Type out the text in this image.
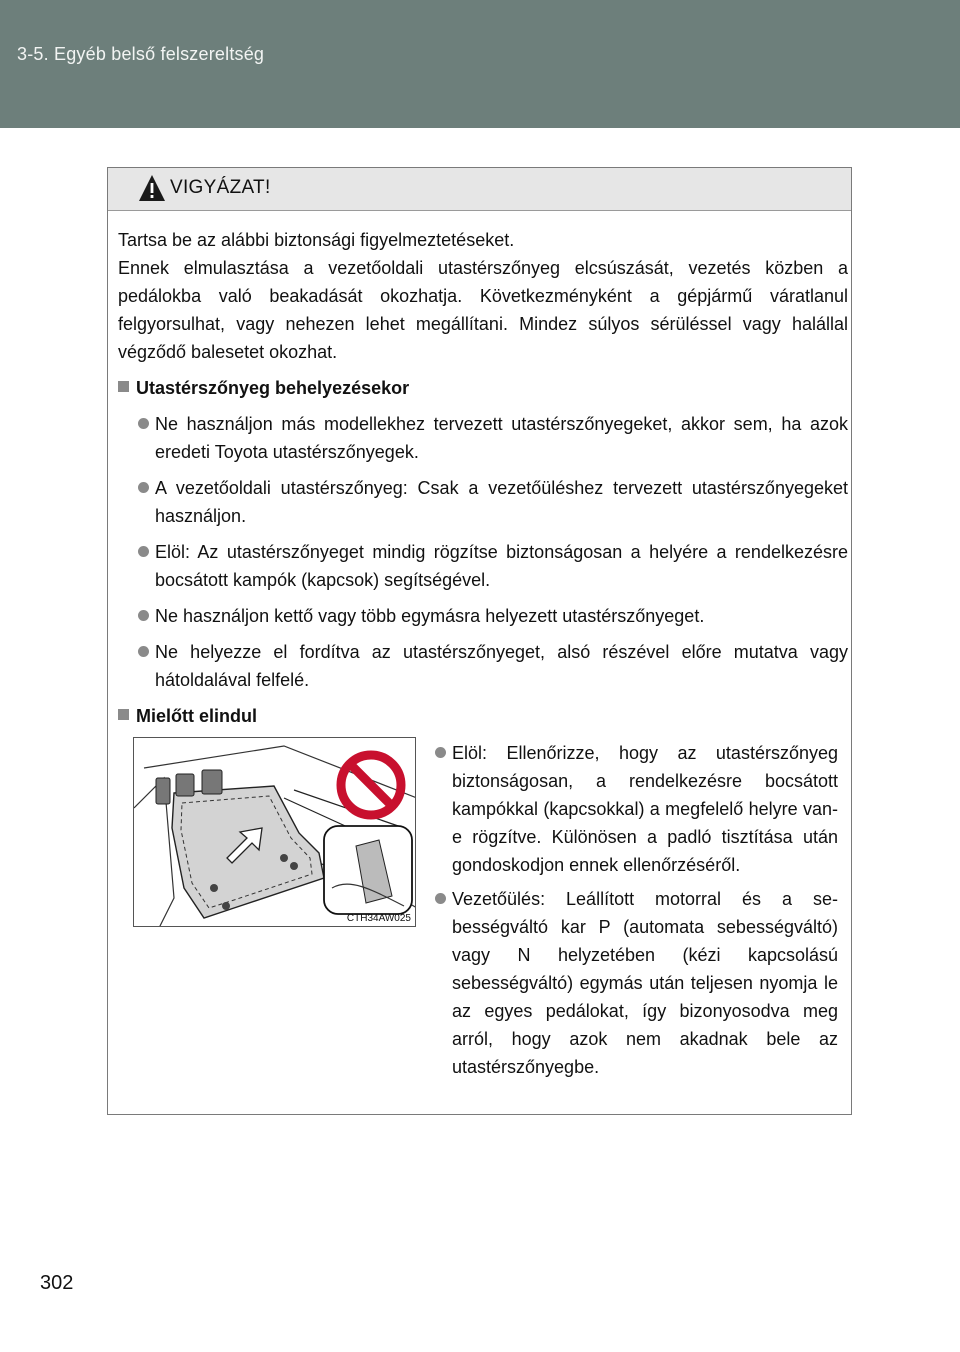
3-5. Egyéb belső felszereltség
VIGYÁZAT!

Tartsa be az alábbi biztonsági figyelmeztetéseket.

Ennek elmulasztása a vezetőoldali utastérszőnyeg elcsúszását, vezetés közben a pedálokba való beakadását okozhatja. Következményként a gépjármű váratlanul felgyorsulhat, vagy nehezen lehet megállítani. Mindez súlyos sérüléssel vagy halállal végződő balesetet okozhat.

Utastérszőnyeg behelyezésekor

Ne használjon más modellekhez tervezett utastérszőnyegeket, akkor sem, ha azok eredeti Toyota utastérszőnyegek.

A vezetőoldali utastérszőnyeg: Csak a vezetőüléshez tervezett utastérszőnyegeket használjon.

Elöl: Az utastérszőnyeget mindig rögzítse biztonságosan a helyére a rendelkezésre bocsátott kampók (kapcsok) segítségével.

Ne használjon kettő vagy több egymásra helyezett utastérszőnyeget.

Ne helyezze el fordítva az utastérszőnyeget, alsó részével előre mutatva vagy hátoldalával felfelé.

Mielőtt elindul
CTH34AW025

Elöl: Ellenőrizze, hogy az utastérszőnyeg biztonságosan, a rendelkezésre bocsátott kampókkal (kapcsokkal) a megfelelő helyre van-e rögzítve. Különösen a padló tisztítása után gondoskodjon ennek ellenőrzéséről.

Vezetőülés: Leállított motorral és a sebességváltó kar P (automata sebességváltó) vagy N helyzetében (kézi kapcsolású sebességváltó) egymás után teljesen nyomja le az egyes pedálokat, így bizonyosodva meg arról, hogy azok nem akadnak bele az utastérszőnyegbe.

302
